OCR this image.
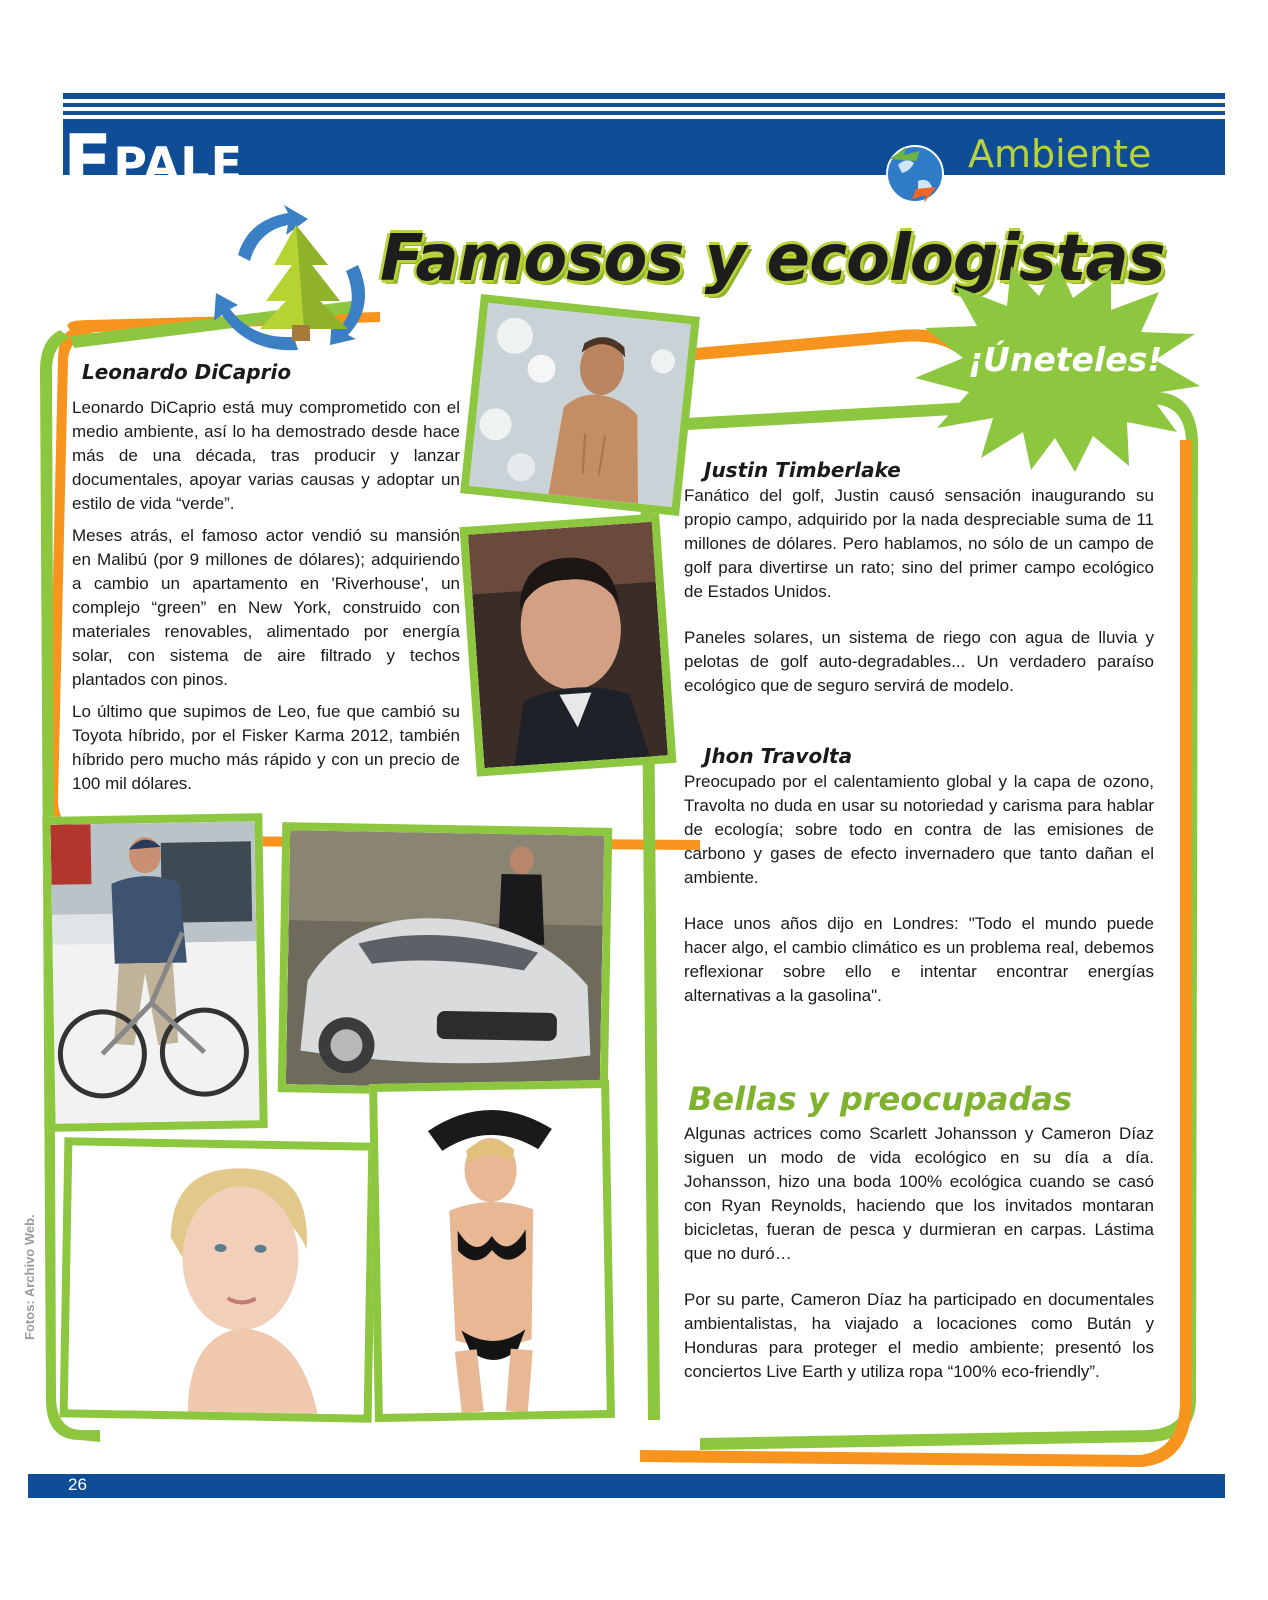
EPALE	Ambiente
Famosos y ecologistas
¡Úneteles!
Leonardo DiCaprio

Leonardo DiCaprio está muy comprometido con el medio ambiente, así lo ha demostrado desde hace más de una década, tras producir y lanzar documentales, apoyar varias causas y adoptar un estilo de vida “verde”.

Meses atrás, el famoso actor vendió su mansión en Malibú (por 9 millones de dólares); adquiriendo a cambio un apartamento en 'Riverhouse', un complejo “green” en New York, construido con materiales renovables, alimentado por energía solar, con sistema de aire filtrado y techos plantados con pinos.

Lo último que supimos de Leo, fue que cambió su Toyota híbrido, por el Fisker Karma 2012, también híbrido pero mucho más rápido y con un precio de 100 mil dólares.

Justin Timberlake

Fanático del golf, Justin causó sensación inaugurando su propio campo, adquirido por la nada despreciable suma de 11 millones de dólares. Pero hablamos, no sólo de un campo de golf para divertirse un rato; sino del primer campo ecológico de Estados Unidos.

Paneles solares, un sistema de riego con agua de lluvia y pelotas de golf auto-degradables... Un verdadero paraíso ecológico que de seguro servirá de modelo.

Jhon Travolta

Preocupado por el calentamiento global y la capa de ozono, Travolta no duda en usar su notoriedad y carisma para hablar de ecología; sobre todo en contra de las emisiones de carbono y gases de efecto invernadero que tanto dañan el ambiente.

Hace unos años dijo en Londres: "Todo el mundo puede hacer algo, el cambio climático es un problema real, debemos reflexionar sobre ello e intentar encontrar energías alternativas a la gasolina".

Bellas y preocupadas

Algunas actrices como Scarlett Johansson y Cameron Díaz siguen un modo de vida ecológico en su día a día. Johansson, hizo una boda 100% ecológica cuando se casó con Ryan Reynolds, haciendo que los invitados montaran bicicletas, fueran de pesca y durmieran en carpas. Lástima que no duró…

Por su parte, Cameron Díaz ha participado en documentales ambientalistas, ha viajado a locaciones como Bután y Honduras para proteger el medio ambiente; presentó los conciertos Live Earth y utiliza ropa “100% eco-friendly”.

Fotos: Archivo Web.
26
